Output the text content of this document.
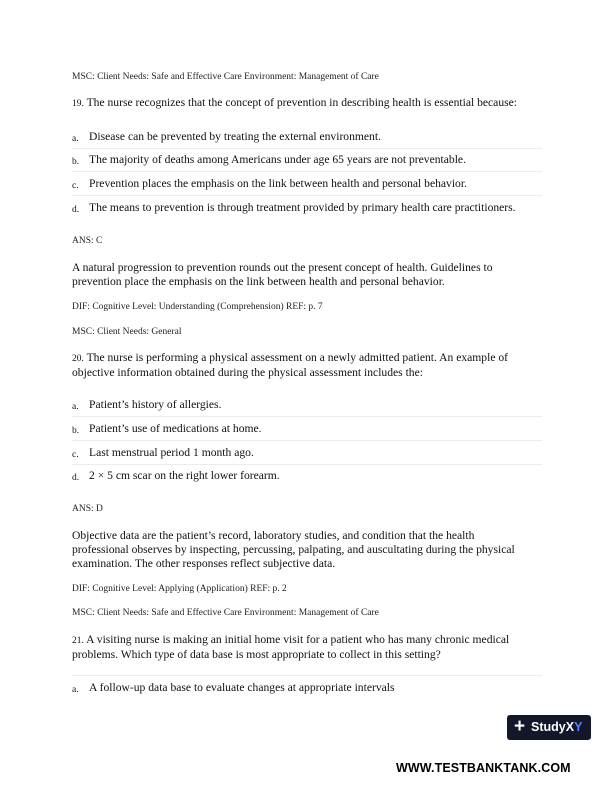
MSC: Client Needs: Safe and Effective Care Environment: Management of Care
19. The nurse recognizes that the concept of prevention in describing health is essential because:
a. Disease can be prevented by treating the external environment.
b. The majority of deaths among Americans under age 65 years are not preventable.
c. Prevention places the emphasis on the link between health and personal behavior.
d. The means to prevention is through treatment provided by primary health care practitioners.
ANS: C
A natural progression to prevention rounds out the present concept of health. Guidelines to
prevention place the emphasis on the link between health and personal behavior.
DIF: Cognitive Level: Understanding (Comprehension) REF: p. 7
MSC: Client Needs: General
20. The nurse is performing a physical assessment on a newly admitted patient. An example of
objective information obtained during the physical assessment includes the:
a. Patient’s history of allergies.
b. Patient’s use of medications at home.
c. Last menstrual period 1 month ago.
d. 2 × 5 cm scar on the right lower forearm.
ANS: D
Objective data are the patient’s record, laboratory studies, and condition that the health
professional observes by inspecting, percussing, palpating, and auscultating during the physical
examination. The other responses reflect subjective data.
DIF: Cognitive Level: Applying (Application) REF: p. 2
MSC: Client Needs: Safe and Effective Care Environment: Management of Care
21. A visiting nurse is making an initial home visit for a patient who has many chronic medical
problems. Which type of data base is most appropriate to collect in this setting?
a. A follow-up data base to evaluate changes at appropriate intervals
+ StudyXY
WWW.TESTBANKTANK.COM
